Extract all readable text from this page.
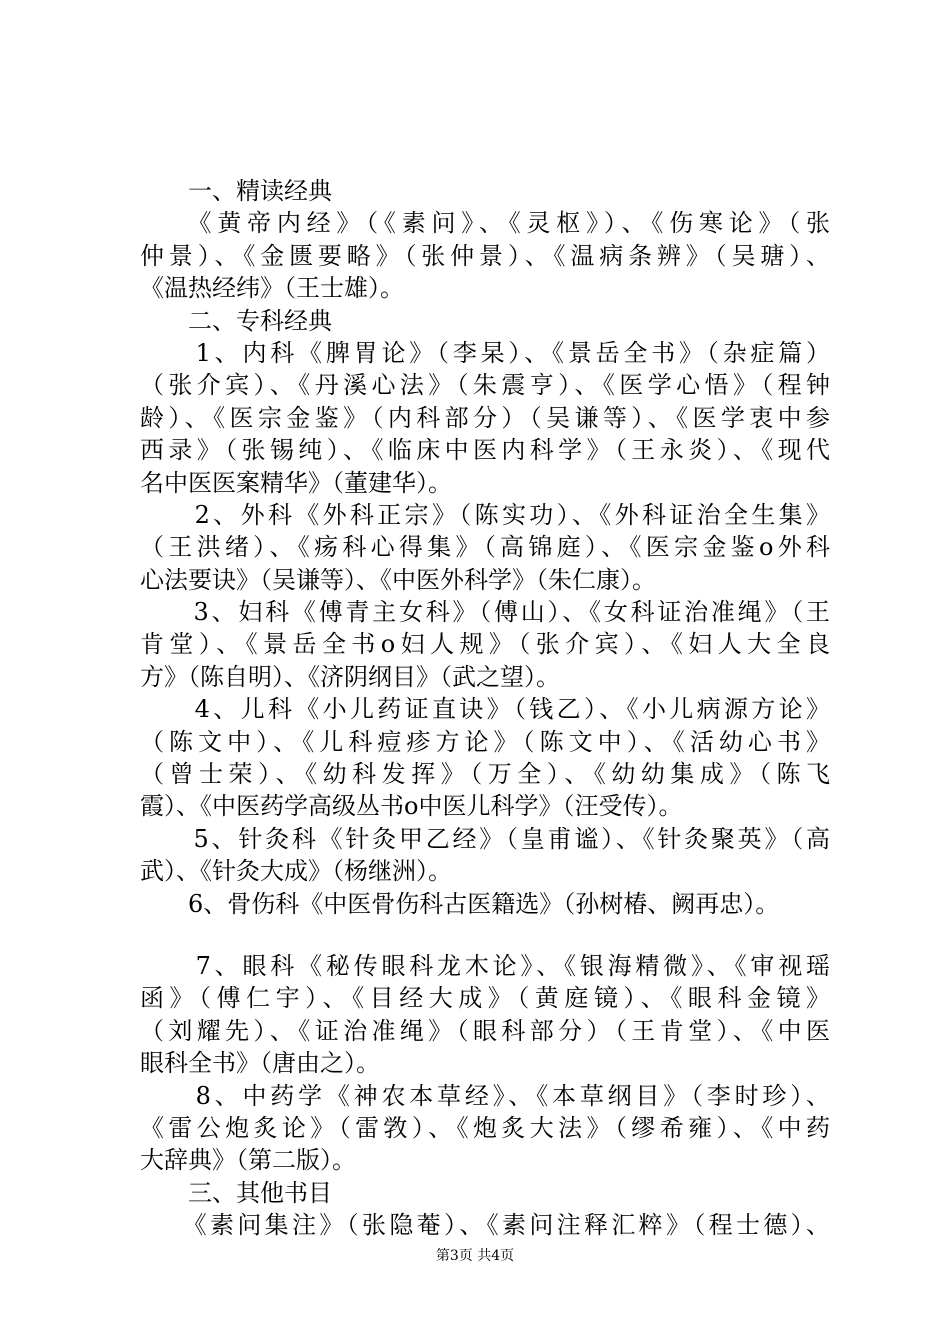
　　一、精读经典
　　《黄帝内经》（《素问》、《灵枢》）、《伤寒论》（张
仲景）、《金匮要略》（张仲景）、《温病条辨》（吴瑭）、
《温热经纬》（王士雄）。
　　二、专科经典
　　1、内科《脾胃论》（李杲）、《景岳全书》（杂症篇）
（张介宾）、《丹溪心法》（朱震亨）、《医学心悟》（程钟
龄）、《医宗金鉴》（内科部分）（吴谦等）、《医学衷中参
西录》（张锡纯）、《临床中医内科学》（王永炎）、《现代
名中医医案精华》（董建华）。
　　2、外科《外科正宗》（陈实功）、《外科证治全生集》
（王洪绪）、《疡科心得集》（高锦庭）、《医宗金鉴o外科
心法要诀》（吴谦等）、《中医外科学》（朱仁康）。
　　3、妇科《傅青主女科》（傅山）、《女科证治准绳》（王
肯堂）、《景岳全书o妇人规》（张介宾）、《妇人大全良
方》（陈自明）、《济阴纲目》（武之望）。
　　4、儿科《小儿药证直诀》（钱乙）、《小儿病源方论》
（陈文中）、《儿科痘疹方论》（陈文中）、《活幼心书》
（曾士荣）、《幼科发挥》（万全）、《幼幼集成》（陈飞
霞）、《中医药学高级丛书o中医儿科学》（汪受传）。
　　5、针灸科《针灸甲乙经》（皇甫谧）、《针灸聚英》（高
武）、《针灸大成》（杨继洲）。
　　6、骨伤科《中医骨伤科古医籍选》（孙树椿、阙再忠）。
　　7、眼科《秘传眼科龙木论》、《银海精微》、《审视瑶
函》（傅仁宇）、《目经大成》（黄庭镜）、《眼科金镜》
（刘耀先）、《证治准绳》（眼科部分）（王肯堂）、《中医
眼科全书》（唐由之）。
　　8、中药学《神农本草经》、《本草纲目》（李时珍）、
《雷公炮炙论》（雷敩）、《炮炙大法》（缪希雍）、《中药
大辞典》（第二版）。
　　三、其他书目
　　《素问集注》（张隐菴）、《素问注释汇粹》（程士德）、
第3页 共4页
